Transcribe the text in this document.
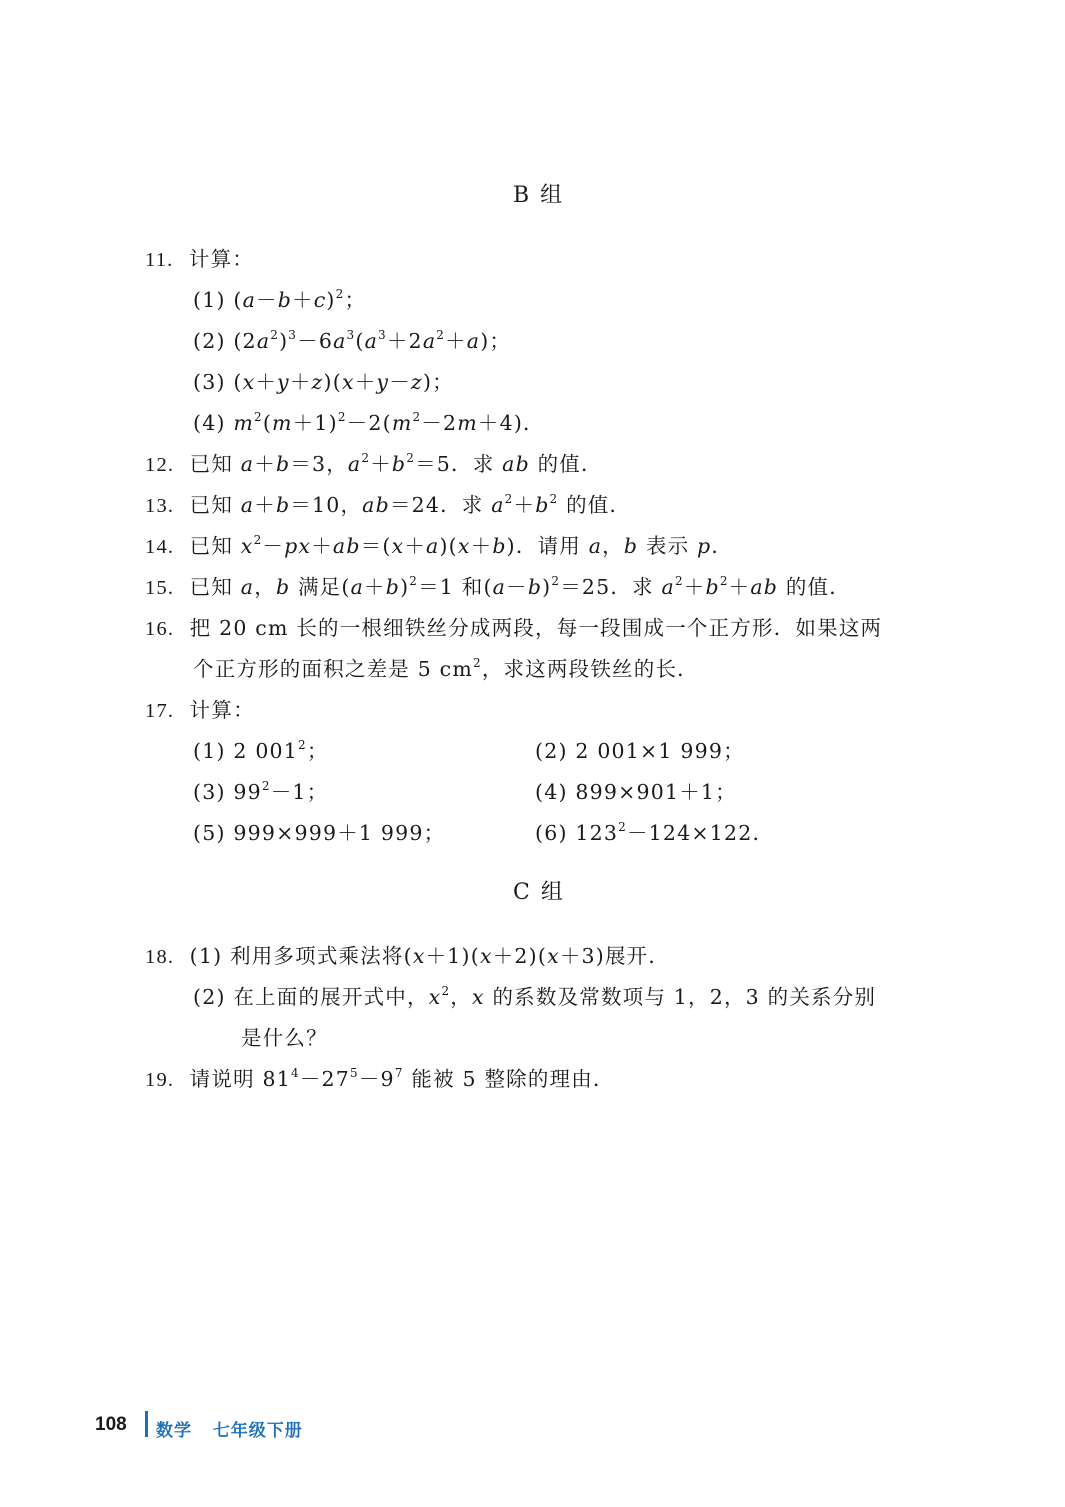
B 组
11. 计算：
(1) $(a-b+c)^2$；
(2) $(2a^2)^3-6a^3(a^3+2a^2+a)$；
(3) (x＋y＋z)(x＋y－z)；
(4) $m^2(m+1)^2-2(m^2-2m+4)$．
12. 已知 a＋b＝3，$a^2+b^2=5$．求 ab 的值．
13. 已知 a＋b＝10，ab＝24．求 $a^2+b^2$ 的值．
14. 已知 $x^2-px+ab=(x+a)(x+b)$．请用 a，b 表示 p．
15. 已知 a，b 满足$(a+b)^2=1$ 和$(a-b)^2=25$．求 $a^2+b^2+ab$ 的值．
16. 把 20 cm 长的一根细铁丝分成两段，每一段围成一个正方形．如果这两
个正方形的面积之差是 5 $cm^2$，求这两段铁丝的长．
17. 计算：
(1) 2 $001^2$；	(2) 2 001×1 999；
(3) $99^2-1$；	(4) 899×901＋1；
(5) 999×999＋1 999；	(6) $123^2-124\times 122$．
C 组
18. (1) 利用多项式乘法将(x＋1)(x＋2)(x＋3)展开．
(2) 在上面的展开式中，$x^2$，x 的系数及常数项与 1，2，3 的关系分别
是什么？
19. 请说明 $81^4-27^5-9^7$ 能被 5 整除的理由．
108 数学 七年级下册
